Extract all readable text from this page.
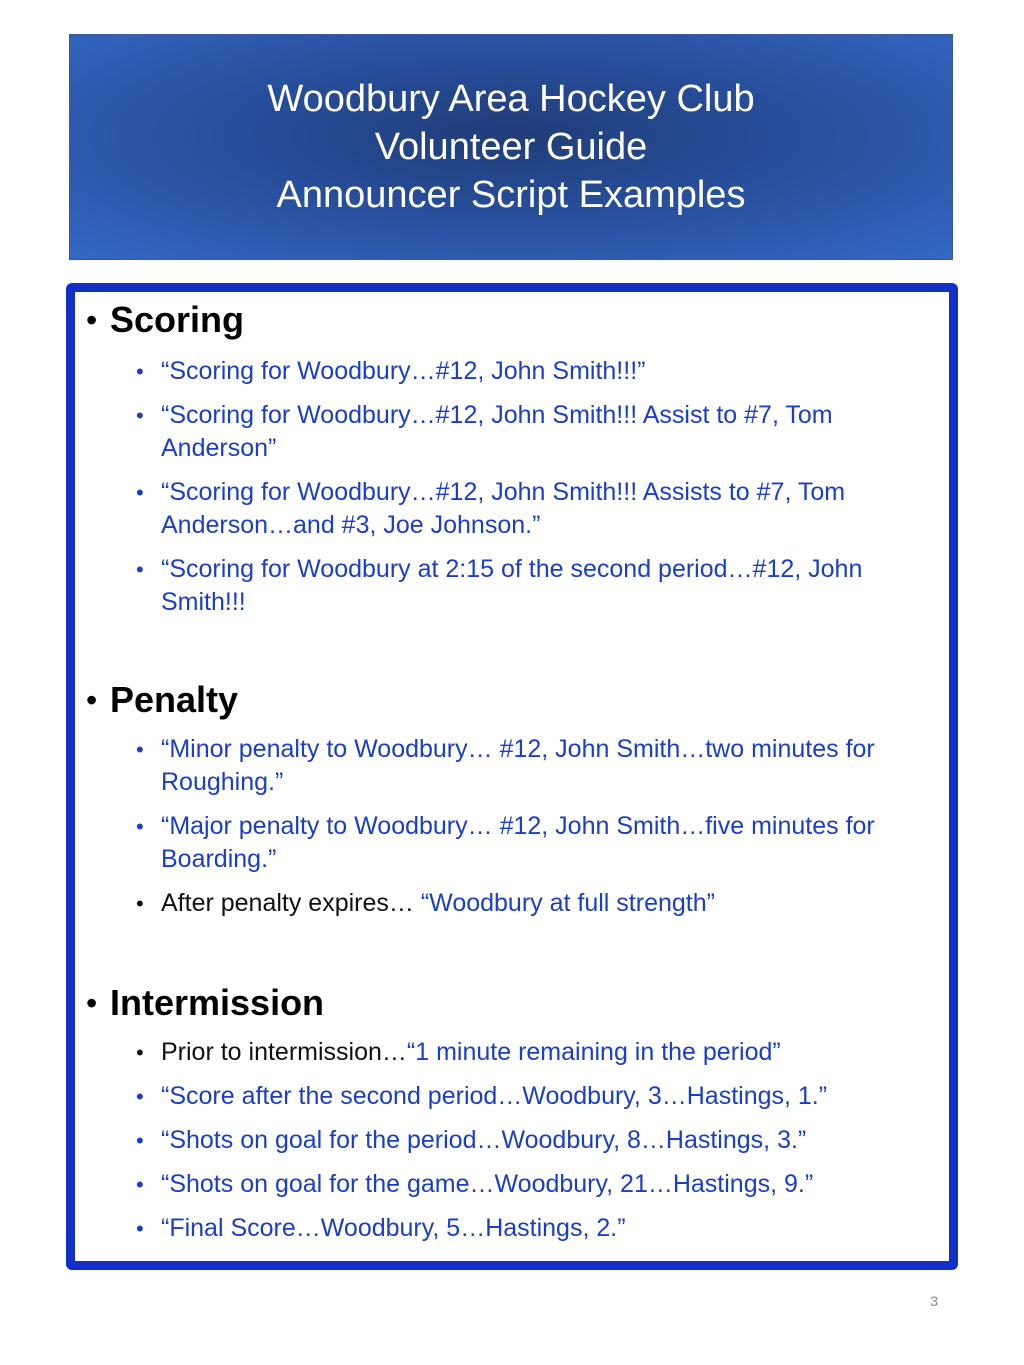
Woodbury Area Hockey Club
Volunteer Guide
Announcer Script Examples
• Scoring
• “Scoring for Woodbury…#12, John Smith!!!”
• “Scoring for Woodbury…#12, John Smith!!! Assist to #7, Tom Anderson”
• “Scoring for Woodbury…#12, John Smith!!! Assists to #7, Tom Anderson…and #3, Joe Johnson.”
• “Scoring for Woodbury at 2:15 of the second period…#12, John Smith!!!
• Penalty
• “Minor penalty to Woodbury… #12, John Smith…two minutes for Roughing.”
• “Major penalty to Woodbury… #12, John Smith…five minutes for Boarding.”
• After penalty expires… “Woodbury at full strength”
• Intermission
• Prior to intermission…“1 minute remaining in the period”
• “Score after the second period…Woodbury, 3…Hastings, 1.”
• “Shots on goal for the period…Woodbury, 8…Hastings, 3.”
• “Shots on goal for the game…Woodbury, 21…Hastings, 9.”
• “Final Score…Woodbury, 5…Hastings, 2.”
3
